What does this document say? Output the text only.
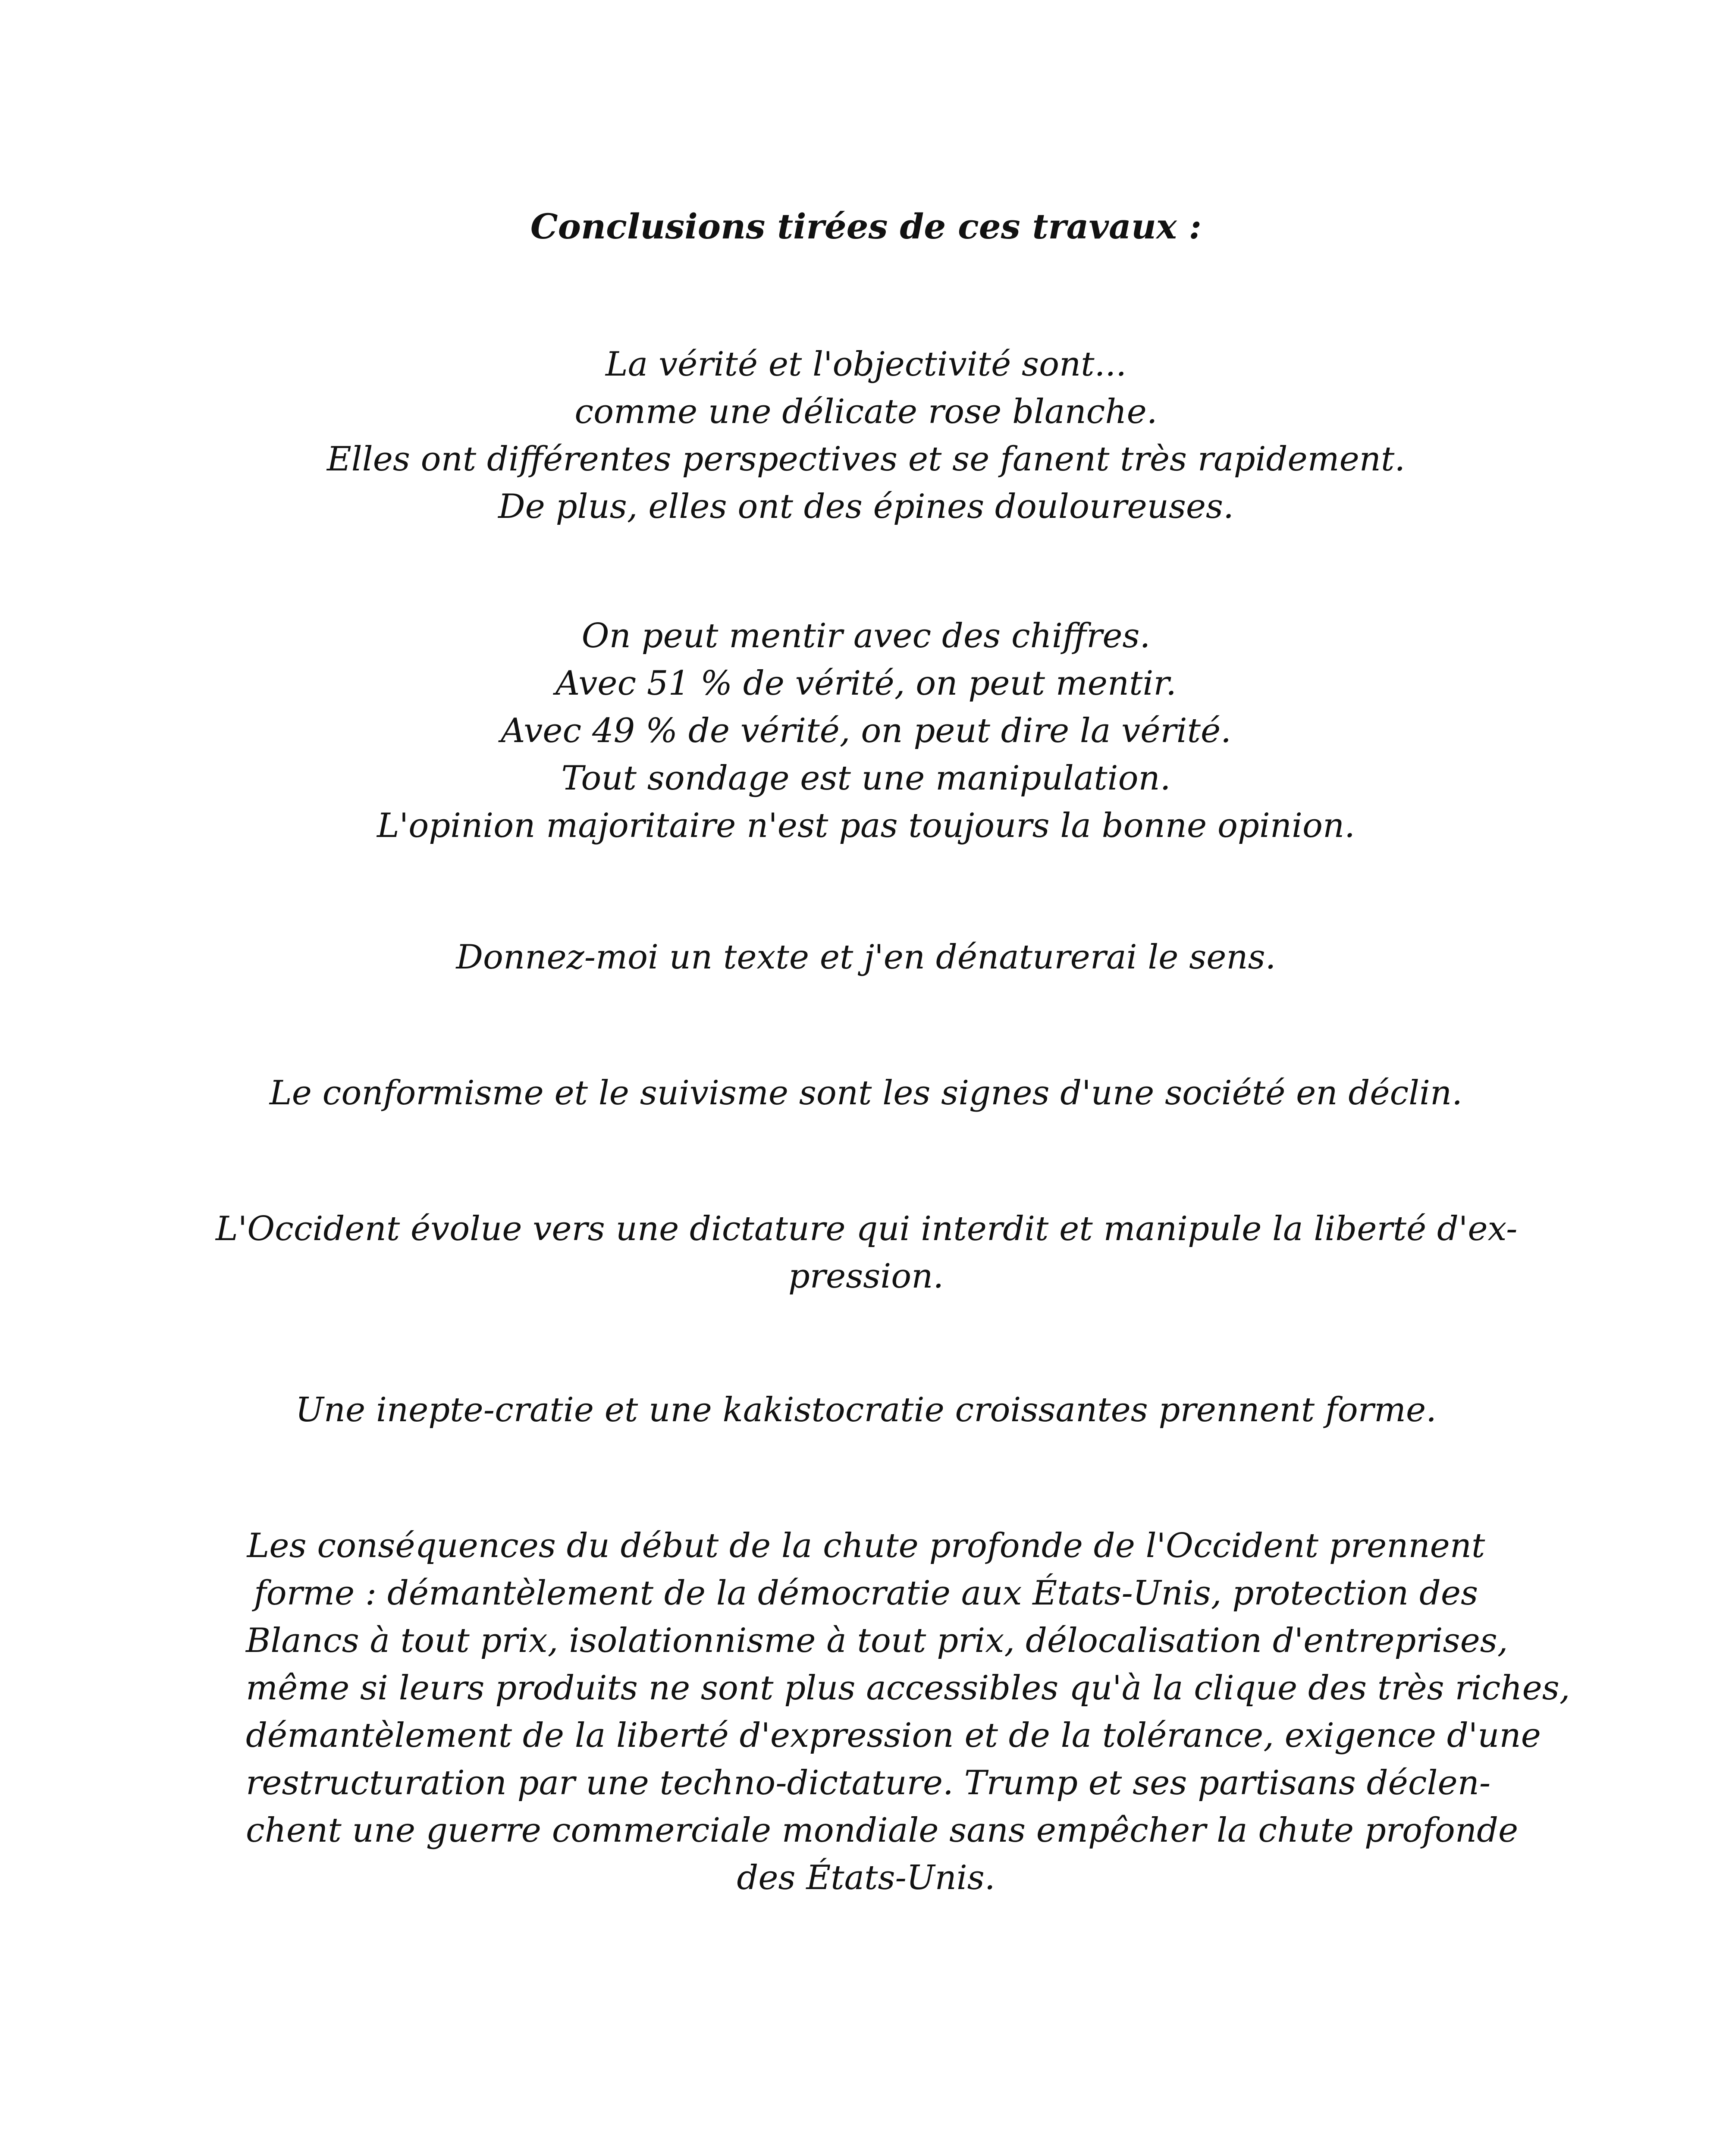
Conclusions tirées de ces travaux :
La vérité et l'objectivité sont...
comme une délicate rose blanche.
Elles ont différentes perspectives et se fanent très rapidement.
De plus, elles ont des épines douloureuses.
On peut mentir avec des chiffres.
Avec 51 % de vérité, on peut mentir.
Avec 49 % de vérité, on peut dire la vérité.
Tout sondage est une manipulation.
L'opinion majoritaire n'est pas toujours la bonne opinion.
Donnez-moi un texte et j'en dénaturerai le sens.
Le conformisme et le suivisme sont les signes d'une société en déclin.
L'Occident évolue vers une dictature qui interdit et manipule la liberté d'ex-
pression.
Une inepte-cratie et une kakistocratie croissantes prennent forme.
Les conséquences du début de la chute profonde de l'Occident prennent
forme : démantèlement de la démocratie aux États-Unis, protection des
Blancs à tout prix, isolationnisme à tout prix, délocalisation d'entreprises,
même si leurs produits ne sont plus accessibles qu'à la clique des très riches,
démantèlement de la liberté d'expression et de la tolérance, exigence d'une
restructuration par une techno-dictature. Trump et ses partisans déclen-
chent une guerre commerciale mondiale sans empêcher la chute profonde
des États-Unis.
